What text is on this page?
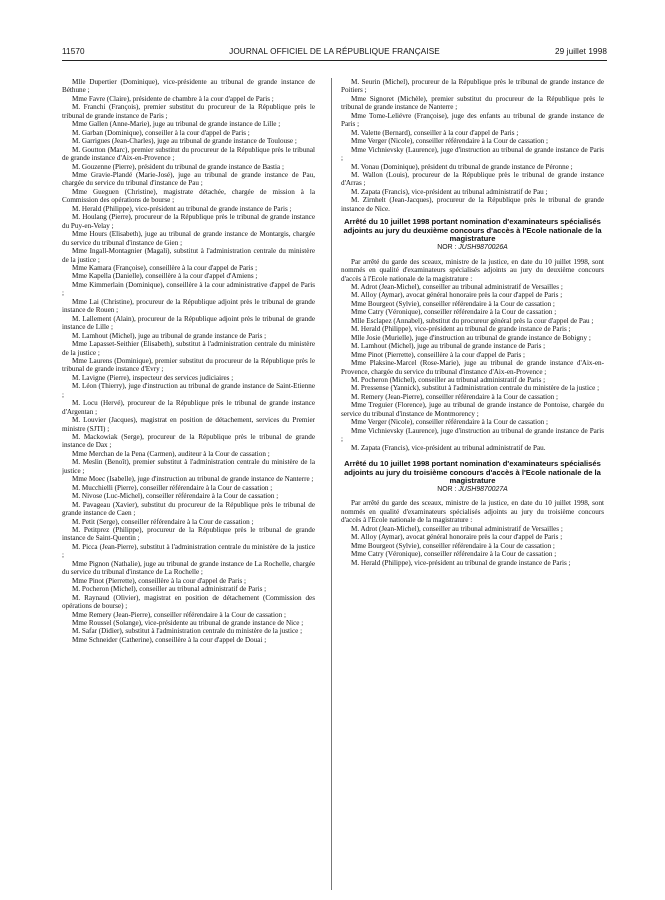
11570	JOURNAL OFFICIEL DE LA RÉPUBLIQUE FRANÇAISE	29 juillet 1998

Mlle Dupertier (Dominique), vice-présidente au tribunal de grande instance de Béthune ;

Mme Favre (Claire), présidente de chambre à la cour d'appel de Paris ;

M. Franchi (François), premier substitut du procureur de la République près le tribunal de grande instance de Paris ;

Mme Gallen (Anne-Marie), juge au tribunal de grande instance de Lille ;

M. Garban (Dominique), conseiller à la cour d'appel de Paris ;

M. Garrigues (Jean-Charles), juge au tribunal de grande instance de Toulouse ;

M. Goutton (Marc), premier substitut du procureur de la République près le tribunal de grande instance d'Aix-en-Provence ;

M. Gouzenne (Pierre), président du tribunal de grande instance de Bastia ;

Mme Gravie-Plandé (Marie-José), juge au tribunal de grande instance de Pau, chargée du service du tribunal d'instance de Pau ;

Mme Gueguen (Christine), magistrate détachée, chargée de mission à la Commission des opérations de bourse ;

M. Herald (Philippe), vice-président au tribunal de grande instance de Paris ;

M. Houlang (Pierre), procureur de la République près le tribunal de grande instance du Puy-en-Velay ;

Mme Hours (Elisabeth), juge au tribunal de grande instance de Montargis, chargée du service du tribunal d'instance de Gien ;

Mme Ingall-Montagnier (Magali), substitut à l'administration centrale du ministère de la justice ;

Mme Kamara (Françoise), conseillère à la cour d'appel de Paris ;

Mme Kapella (Danielle), conseillère à la cour d'appel d'Amiens ;

Mme Kimmerlain (Dominique), conseillère à la cour administrative d'appel de Paris ;

Mme Lai (Christine), procureur de la République adjoint près le tribunal de grande instance de Rouen ;

M. Lallement (Alain), procureur de la République adjoint près le tribunal de grande instance de Lille ;

M. Lamhout (Michel), juge au tribunal de grande instance de Paris ;

Mme Lapasset-Seithier (Elisabeth), substitut à l'administration centrale du ministère de la justice ;

Mme Laurens (Dominique), premier substitut du procureur de la République près le tribunal de grande instance d'Evry ;

M. Lavigne (Pierre), inspecteur des services judiciaires ;

M. Léon (Thierry), juge d'instruction au tribunal de grande instance de Saint-Etienne ;

M. Locu (Hervé), procureur de la République près le tribunal de grande instance d'Argentan ;

M. Louvier (Jacques), magistrat en position de détachement, services du Premier ministre (SJTI) ;

M. Mackowiak (Serge), procureur de la République près le tribunal de grande instance de Dax ;

Mme Merchan de la Pena (Carmen), auditeur à la Cour de cassation ;

M. Meslin (Benoît), premier substitut à l'administration centrale du ministère de la justice ;

Mme Moec (Isabelle), juge d'instruction au tribunal de grande instance de Nanterre ;

M. Mucchielli (Pierre), conseiller référendaire à la Cour de cassation ;

M. Nivose (Luc-Michel), conseiller référendaire à la Cour de cassation ;

M. Pavageau (Xavier), substitut du procureur de la République près le tribunal de grande instance de Caen ;

M. Petit (Serge), conseiller référendaire à la Cour de cassation ;

M. Petitprez (Philippe), procureur de la République près le tribunal de grande instance de Saint-Quentin ;

M. Picca (Jean-Pierre), substitut à l'administration centrale du ministère de la justice ;

Mme Pignon (Nathalie), juge au tribunal de grande instance de La Rochelle, chargée du service du tribunal d'instance de La Rochelle ;

Mme Pinot (Pierrette), conseillère à la cour d'appel de Paris ;

M. Pocheron (Michel), conseiller au tribunal administratif de Paris ;

M. Raynaud (Olivier), magistrat en position de détachement (Commission des opérations de bourse) ;

Mme Remery (Jean-Pierre), conseiller référendaire à la Cour de cassation ;

Mme Roussel (Solange), vice-présidente au tribunal de grande instance de Nice ;

M. Safar (Didier), substitut à l'administration centrale du ministère de la justice ;

Mme Schneider (Catherine), conseillère à la cour d'appel de Douai ;

M. Seurin (Michel), procureur de la République près le tribunal de grande instance de Poitiers ;

Mme Signoret (Michèle), premier substitut du procureur de la République près le tribunal de grande instance de Nanterre ;

Mme Tome-Leliévre (Françoise), juge des enfants au tribunal de grande instance de Paris ;

M. Valette (Bernard), conseiller à la cour d'appel de Paris ;

Mme Verger (Nicole), conseiller référendaire à la Cour de cassation ;

Mme Vichnievsky (Laurence), juge d'instruction au tribunal de grande instance de Paris ;

M. Vonau (Dominique), président du tribunal de grande instance de Péronne ;

M. Wallon (Louis), procureur de la République près le tribunal de grande instance d'Arras ;

M. Zapata (Francis), vice-président au tribunal administratif de Pau ;

M. Zirnhelt (Jean-Jacques), procureur de la République près le tribunal de grande instance de Nice.

Arrêté du 10 juillet 1998 portant nomination d'examinateurs spécialisés adjoints au jury du deuxième concours d'accès à l'Ecole nationale de la magistrature
NOR : JUSH9870026A

Par arrêté du garde des sceaux, ministre de la justice, en date du 10 juillet 1998, sont nommés en qualité d'examinateurs spécialisés adjoints au jury du deuxième concours d'accès à l'Ecole nationale de la magistrature :

M. Adrot (Jean-Michel), conseiller au tribunal administratif de Versailles ;

M. Alloy (Aymar), avocat général honoraire près la cour d'appel de Paris ;

Mme Bourgeot (Sylvie), conseiller référendaire à la Cour de cassation ;

Mme Catry (Véronique), conseiller référendaire à la Cour de cassation ;

Mlle Esclapez (Annabel), substitut du procureur général près la cour d'appel de Pau ;

M. Herald (Philippe), vice-président au tribunal de grande instance de Paris ;

Mlle Josie (Murielle), juge d'instruction au tribunal de grande instance de Bobigny ;

M. Lamhout (Michel), juge au tribunal de grande instance de Paris ;

Mme Pinot (Pierrette), conseillère à la cour d'appel de Paris ;

Mme Plaksine-Marcel (Rose-Marie), juge au tribunal de grande instance d'Aix-en-Provence, chargée du service du tribunal d'instance d'Aix-en-Provence ;

M. Pocheron (Michel), conseiller au tribunal administratif de Paris ;

M. Pressense (Yannick), substitut à l'administration centrale du ministère de la justice ;

M. Remery (Jean-Pierre), conseiller référendaire à la Cour de cassation ;

Mme Treguier (Florence), juge au tribunal de grande instance de Pontoise, chargée du service du tribunal d'instance de Montmorency ;

Mme Verger (Nicole), conseiller référendaire à la Cour de cassation ;

Mme Vichnievsky (Laurence), juge d'instruction au tribunal de grande instance de Paris ;

M. Zapata (Francis), vice-président au tribunal administratif de Pau.

Arrêté du 10 juillet 1998 portant nomination d'examinateurs spécialisés adjoints au jury du troisième concours d'accès à l'Ecole nationale de la magistrature
NOR : JUSH9870027A

Par arrêté du garde des sceaux, ministre de la justice, en date du 10 juillet 1998, sont nommés en qualité d'examinateurs spécialisés adjoints au jury du troisième concours d'accès à l'Ecole nationale de la magistrature :

M. Adrot (Jean-Michel), conseiller au tribunal administratif de Versailles ;

M. Alloy (Aymar), avocat général honoraire près la cour d'appel de Paris ;

Mme Bourgeot (Sylvie), conseiller référendaire à la Cour de cassation ;

Mme Catry (Véronique), conseiller référendaire à la Cour de cassation ;

M. Herald (Philippe), vice-président au tribunal de grande instance de Paris ;
